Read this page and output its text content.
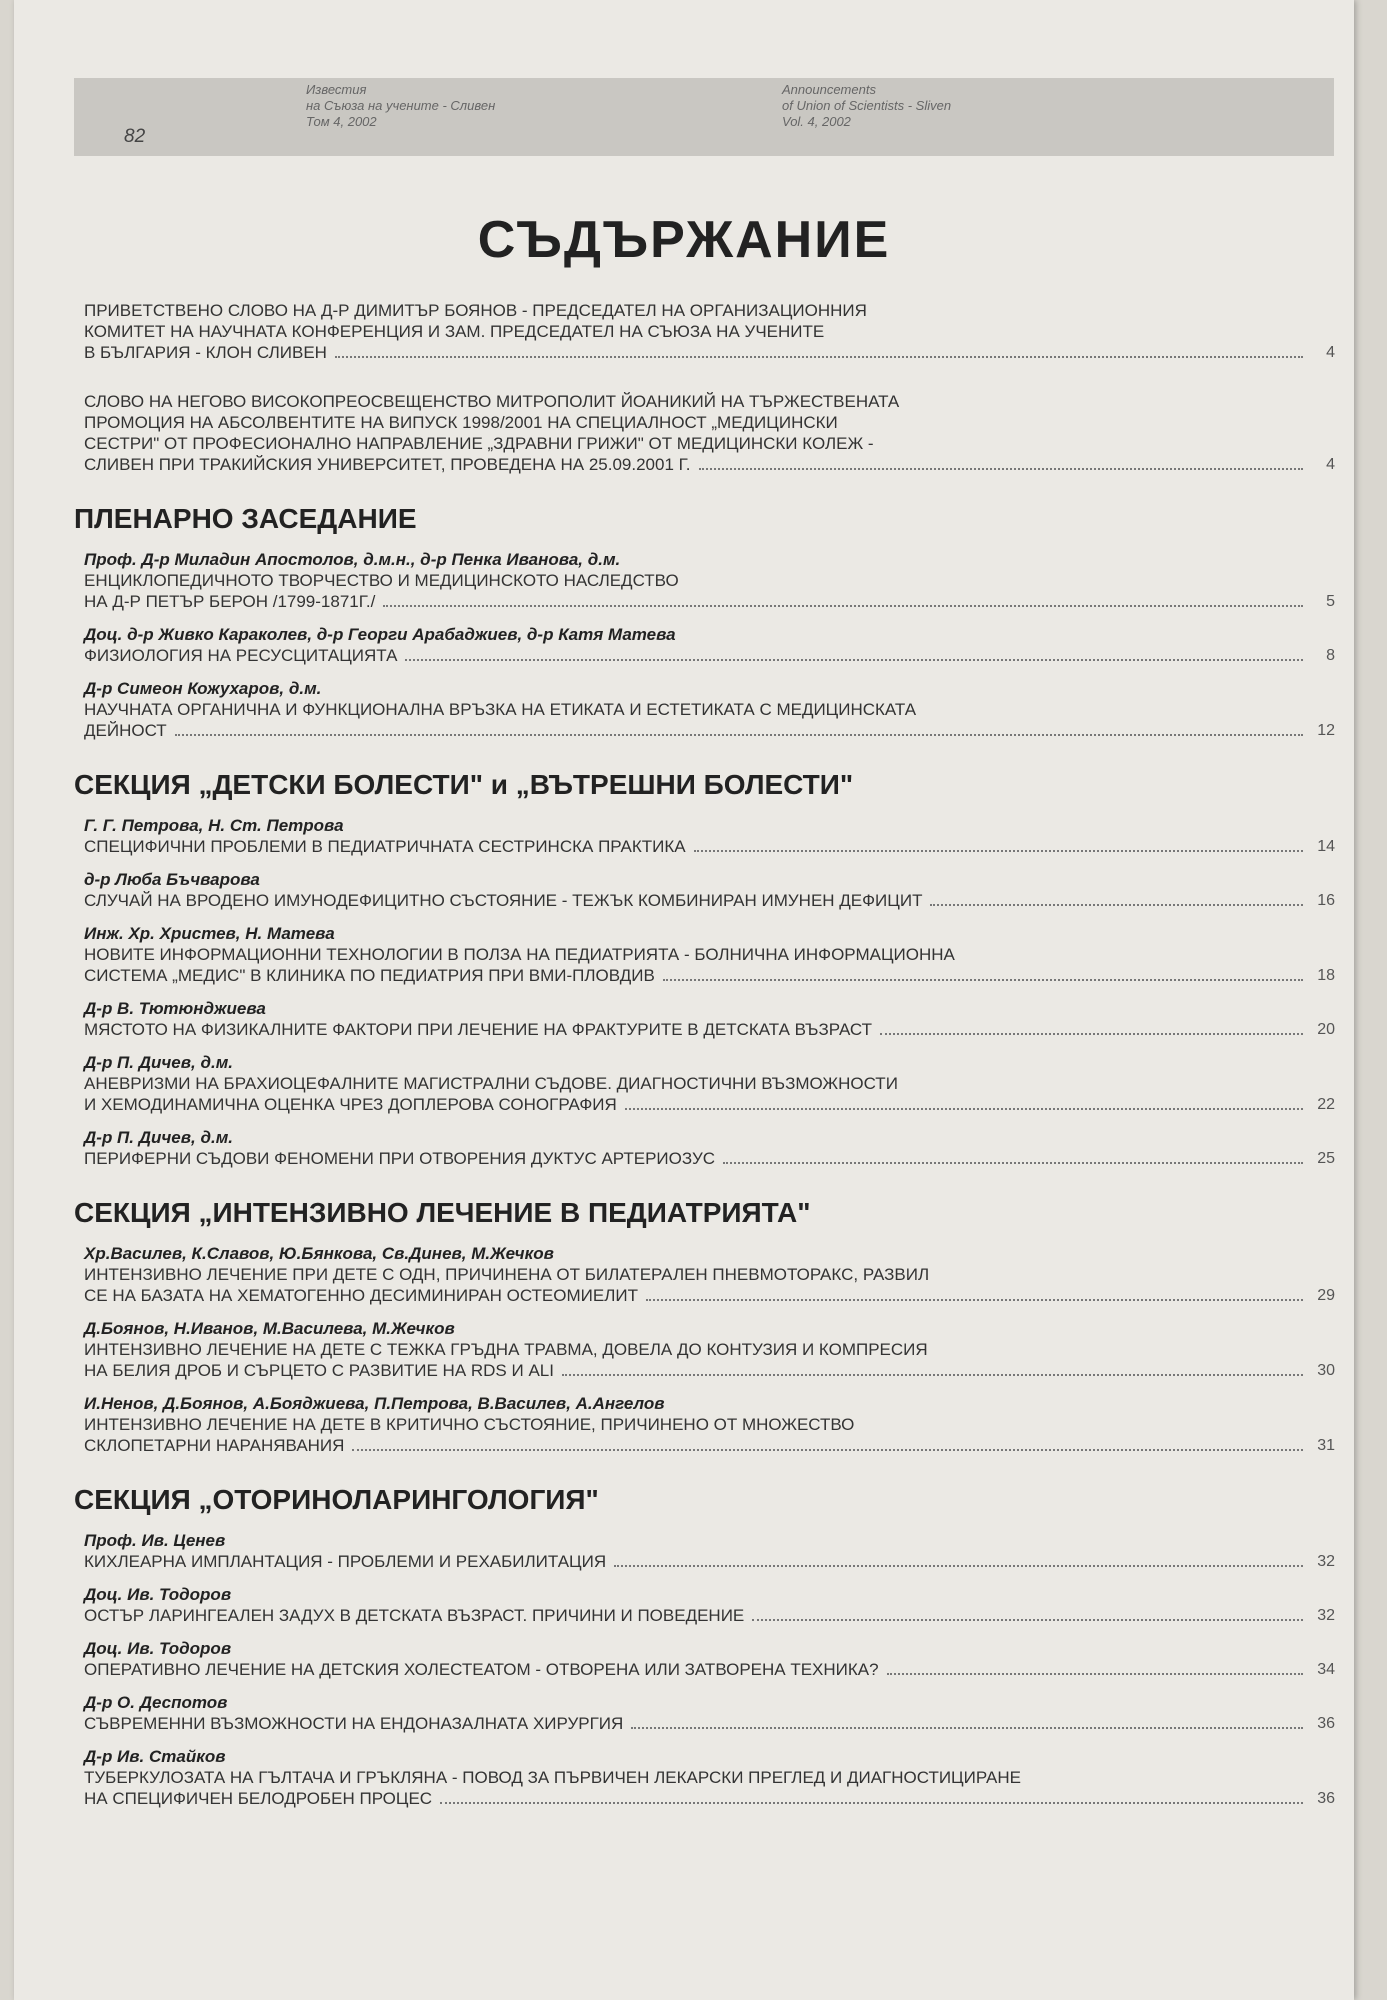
82
Известия
на Съюза на учените - Сливен
Том 4, 2002
Announcements
of Union of Scientists - Sliven
Vol. 4, 2002
СЪДЪРЖАНИЕ
ПРИВЕТСТВЕНО СЛОВО НА Д-Р ДИМИТЪР БОЯНОВ - ПРЕДСЕДАТЕЛ НА ОРГАНИЗАЦИОННИЯ
КОМИТЕТ НА НАУЧНАТА КОНФЕРЕНЦИЯ И ЗАМ. ПРЕДСЕДАТЕЛ НА СЪЮЗА НА УЧЕНИТЕ
В БЪЛГАРИЯ - КЛОН СЛИВЕН	4
СЛОВО НА НЕГОВО ВИСОКОПРЕОСВЕЩЕНСТВО МИТРОПОЛИТ ЙОАНИКИЙ НА ТЪРЖЕСТВЕНАТА
ПРОМОЦИЯ НА АБСОЛВЕНТИТЕ НА ВИПУСК 1998/2001 НА СПЕЦИАЛНОСТ „МЕДИЦИНСКИ
СЕСТРИ" ОТ ПРОФЕСИОНАЛНО НАПРАВЛЕНИЕ „ЗДРАВНИ ГРИЖИ" ОТ МЕДИЦИНСКИ КОЛЕЖ -
СЛИВЕН ПРИ ТРАКИЙСКИЯ УНИВЕРСИТЕТ, ПРОВЕДЕНА НА 25.09.2001 Г.	4
ПЛЕНАРНО ЗАСЕДАНИЕ
Проф. Д-р Миладин Апостолов, д.м.н., д-р Пенка Иванова, д.м.
ЕНЦИКЛОПЕДИЧНОТО ТВОРЧЕСТВО И МЕДИЦИНСКОТО НАСЛЕДСТВО
НА Д-Р ПЕТЪР БЕРОН /1799-1871Г./	5
Доц. д-р Живко Караколев, д-р Георги Арабаджиев, д-р Катя Матева
ФИЗИОЛОГИЯ НА РЕСУСЦИТАЦИЯТА	8
Д-р Симеон Кожухаров, д.м.
НАУЧНАТА ОРГАНИЧНА И ФУНКЦИОНАЛНА ВРЪЗКА НА ЕТИКАТА И ЕСТЕТИКАТА С МЕДИЦИНСКАТА
ДЕЙНОСТ	12
СЕКЦИЯ „ДЕТСКИ БОЛЕСТИ" и „ВЪТРЕШНИ БОЛЕСТИ"
Г. Г. Петрова, Н. Ст. Петрова
СПЕЦИФИЧНИ ПРОБЛЕМИ В ПЕДИАТРИЧНАТА СЕСТРИНСКА ПРАКТИКА	14
д-р Люба Бъчварова
СЛУЧАЙ НА ВРОДЕНО ИМУНОДЕФИЦИТНО СЪСТОЯНИЕ - ТЕЖЪК КОМБИНИРАН ИМУНЕН ДЕФИЦИТ	16
Инж. Хр. Христев, Н. Матева
НОВИТЕ ИНФОРМАЦИОННИ ТЕХНОЛОГИИ В ПОЛЗА НА ПЕДИАТРИЯТА - БОЛНИЧНА ИНФОРМАЦИОННА
СИСТЕМА „МЕДИС" В КЛИНИКА ПО ПЕДИАТРИЯ ПРИ ВМИ-ПЛОВДИВ	18
Д-р В. Тютюнджиева
МЯСТОТО НА ФИЗИКАЛНИТЕ ФАКТОРИ ПРИ ЛЕЧЕНИЕ НА ФРАКТУРИТЕ В ДЕТСКАТА ВЪЗРАСТ	20
Д-р П. Дичев, д.м.
АНЕВРИЗМИ НА БРАХИОЦЕФАЛНИТЕ МАГИСТРАЛНИ СЪДОВЕ. ДИАГНОСТИЧНИ ВЪЗМОЖНОСТИ
И ХЕМОДИНАМИЧНА ОЦЕНКА ЧРЕЗ ДОПЛЕРОВА СОНОГРАФИЯ	22
Д-р П. Дичев, д.м.
ПЕРИФЕРНИ СЪДОВИ ФЕНОМЕНИ ПРИ ОТВОРЕНИЯ ДУКТУС АРТЕРИОЗУС	25
СЕКЦИЯ „ИНТЕНЗИВНО ЛЕЧЕНИЕ В ПЕДИАТРИЯТА"
Хр.Василев, К.Славов, Ю.Бянкова, Св.Динев, М.Жечков
ИНТЕНЗИВНО ЛЕЧЕНИЕ ПРИ ДЕТЕ С ОДН, ПРИЧИНЕНА ОТ БИЛАТЕРАЛЕН ПНЕВМОТОРАКС, РАЗВИЛ
СЕ НА БАЗАТА НА ХЕМАТОГЕННО ДЕСИМИНИРАН ОСТЕОМИЕЛИТ	29
Д.Боянов, Н.Иванов, М.Василева, М.Жечков
ИНТЕНЗИВНО ЛЕЧЕНИЕ НА ДЕТЕ С ТЕЖКА ГРЪДНА ТРАВМА, ДОВЕЛА ДО КОНТУЗИЯ И КОМПРЕСИЯ
НА БЕЛИЯ ДРОБ И СЪРЦЕТО С РАЗВИТИЕ НА RDS И ALI	30
И.Ненов, Д.Боянов, А.Бояджиева, П.Петрова, В.Василев, А.Ангелов
ИНТЕНЗИВНО ЛЕЧЕНИЕ НА ДЕТЕ В КРИТИЧНО СЪСТОЯНИЕ, ПРИЧИНЕНО ОТ МНОЖЕСТВО
СКЛОПЕТАРНИ НАРАНЯВАНИЯ	31
СЕКЦИЯ „ОТОРИНОЛАРИНГОЛОГИЯ"
Проф. Ив. Ценев
КИХЛЕАРНА ИМПЛАНТАЦИЯ - ПРОБЛЕМИ И РЕХАБИЛИТАЦИЯ	32
Доц. Ив. Тодоров
ОСТЪР ЛАРИНГЕАЛЕН ЗАДУХ В ДЕТСКАТА ВЪЗРАСТ. ПРИЧИНИ И ПОВЕДЕНИЕ	32
Доц. Ив. Тодоров
ОПЕРАТИВНО ЛЕЧЕНИЕ НА ДЕТСКИЯ ХОЛЕСТЕАТОМ - ОТВОРЕНА ИЛИ ЗАТВОРЕНА ТЕХНИКА?	34
Д-р О. Деспотов
СЪВРЕМЕННИ ВЪЗМОЖНОСТИ НА ЕНДОНАЗАЛНАТА ХИРУРГИЯ	36
Д-р Ив. Стайков
ТУБЕРКУЛОЗАТА НА ГЪЛТАЧА И ГРЪКЛЯНА - ПОВОД ЗА ПЪРВИЧЕН ЛЕКАРСКИ ПРЕГЛЕД И ДИАГНОСТИЦИРАНЕ
НА СПЕЦИФИЧЕН БЕЛОДРОБЕН ПРОЦЕС	36
